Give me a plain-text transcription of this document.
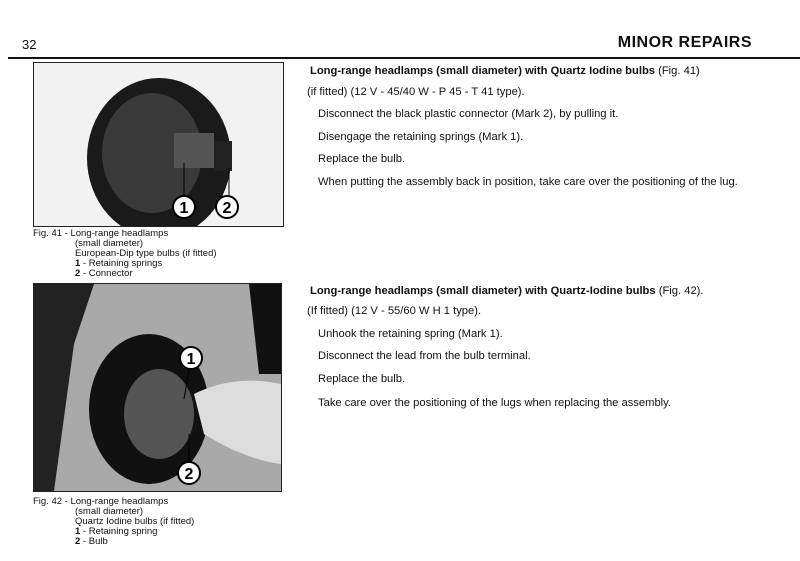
32	MINOR REPAIRS
1 2
Fig. 41 - Long-range headlamps
(small diameter)
European-Dip type bulbs (if fitted)
1 - Retaining springs
2 - Connector
1
2
Fig. 42 - Long-range headlamps
(small diameter)
Quartz Iodine bulbs (if fitted)
1 - Retaining spring
2 - Bulb
Long-range headlamps (small diameter) with Quartz Iodine bulbs (Fig. 41)
(if fitted) (12 V - 45/40 W - P 45 - T 41 type).
Disconnect the black plastic connector (Mark 2), by pulling it.
Disengage the retaining springs (Mark 1).
Replace the bulb.
When putting the assembly back in position, take care over the positioning of the lug.
Long-range headlamps (small diameter) with Quartz-Iodine bulbs (Fig. 42).
(If fitted) (12 V - 55/60 W H 1 type).
Unhook the retaining spring (Mark 1).
Disconnect the lead from the bulb terminal.
Replace the bulb.
Take care over the positioning of the lugs when replacing the assembly.
